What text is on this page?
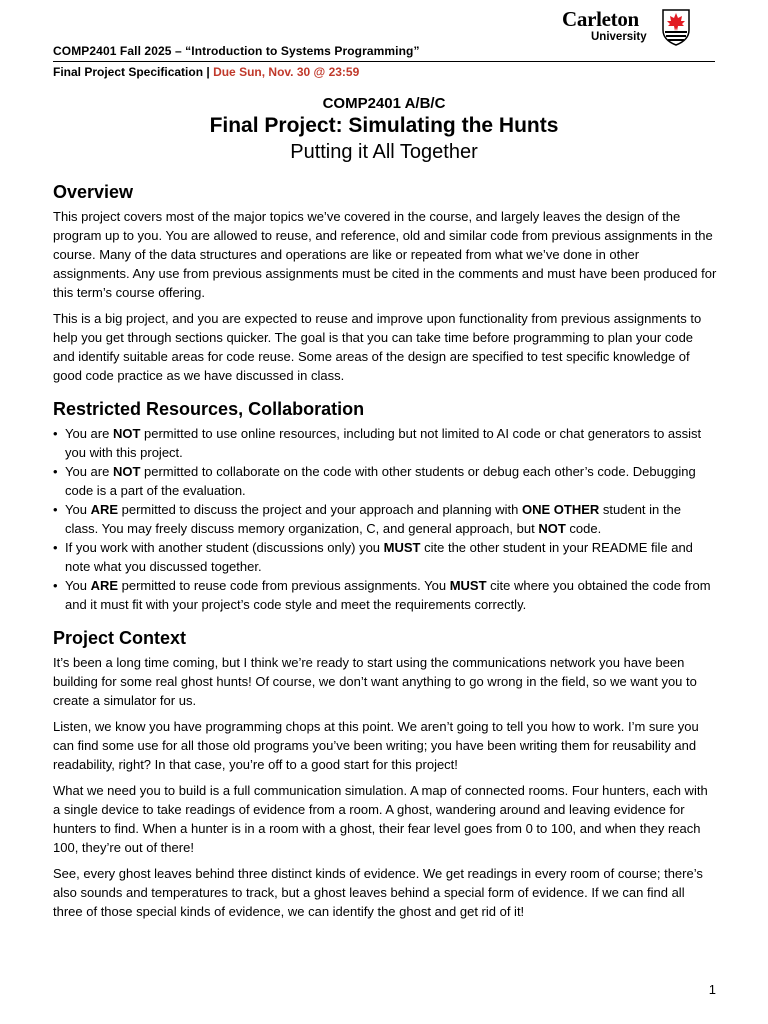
COMP2401 Fall 2025 – “Introduction to Systems Programming”
Final Project Specification | Due Sun, Nov. 30 @ 23:59
Carleton
University
COMP2401 A/B/C
Final Project: Simulating the Hunts
Putting it All Together
Overview

This project covers most of the major topics we’ve covered in the course, and largely leaves the design of the program up to you. You are allowed to reuse, and reference, old and similar code from previous assignments in the course. Many of the data structures and operations are like or repeated from what we’ve done in other assignments. Any use from previous assignments must be cited in the comments and must have been produced for this term’s course offering.

This is a big project, and you are expected to reuse and improve upon functionality from previous assignments to help you get through sections quicker. The goal is that you can take time before programming to plan your code and identify suitable areas for code reuse. Some areas of the design are specified to test specific knowledge of good code practice as we have discussed in class.

Restricted Resources, Collaboration
• You are NOT permitted to use online resources, including but not limited to AI code or chat generators to assist you with this project.
• You are NOT permitted to collaborate on the code with other students or debug each other’s code. Debugging code is a part of the evaluation.
• You ARE permitted to discuss the project and your approach and planning with ONE OTHER student in the class. You may freely discuss memory organization, C, and general approach, but NOT code.
• If you work with another student (discussions only) you MUST cite the other student in your README file and note what you discussed together.
• You ARE permitted to reuse code from previous assignments. You MUST cite where you obtained the code from and it must fit with your project’s code style and meet the requirements correctly.
Project Context

It’s been a long time coming, but I think we’re ready to start using the communications network you have been building for some real ghost hunts! Of course, we don’t want anything to go wrong in the field, so we want you to create a simulator for us.

Listen, we know you have programming chops at this point. We aren’t going to tell you how to work. I’m sure you can find some use for all those old programs you’ve been writing; you have been writing them for reusability and readability, right? In that case, you’re off to a good start for this project!

What we need you to build is a full communication simulation. A map of connected rooms. Four hunters, each with a single device to take readings of evidence from a room. A ghost, wandering around and leaving evidence for hunters to find. When a hunter is in a room with a ghost, their fear level goes from 0 to 100, and when they reach 100, they’re out of there!

See, every ghost leaves behind three distinct kinds of evidence. We get readings in every room of course; there’s also sounds and temperatures to track, but a ghost leaves behind a special form of evidence. If we can find all three of those special kinds of evidence, we can identify the ghost and get rid of it!

1
